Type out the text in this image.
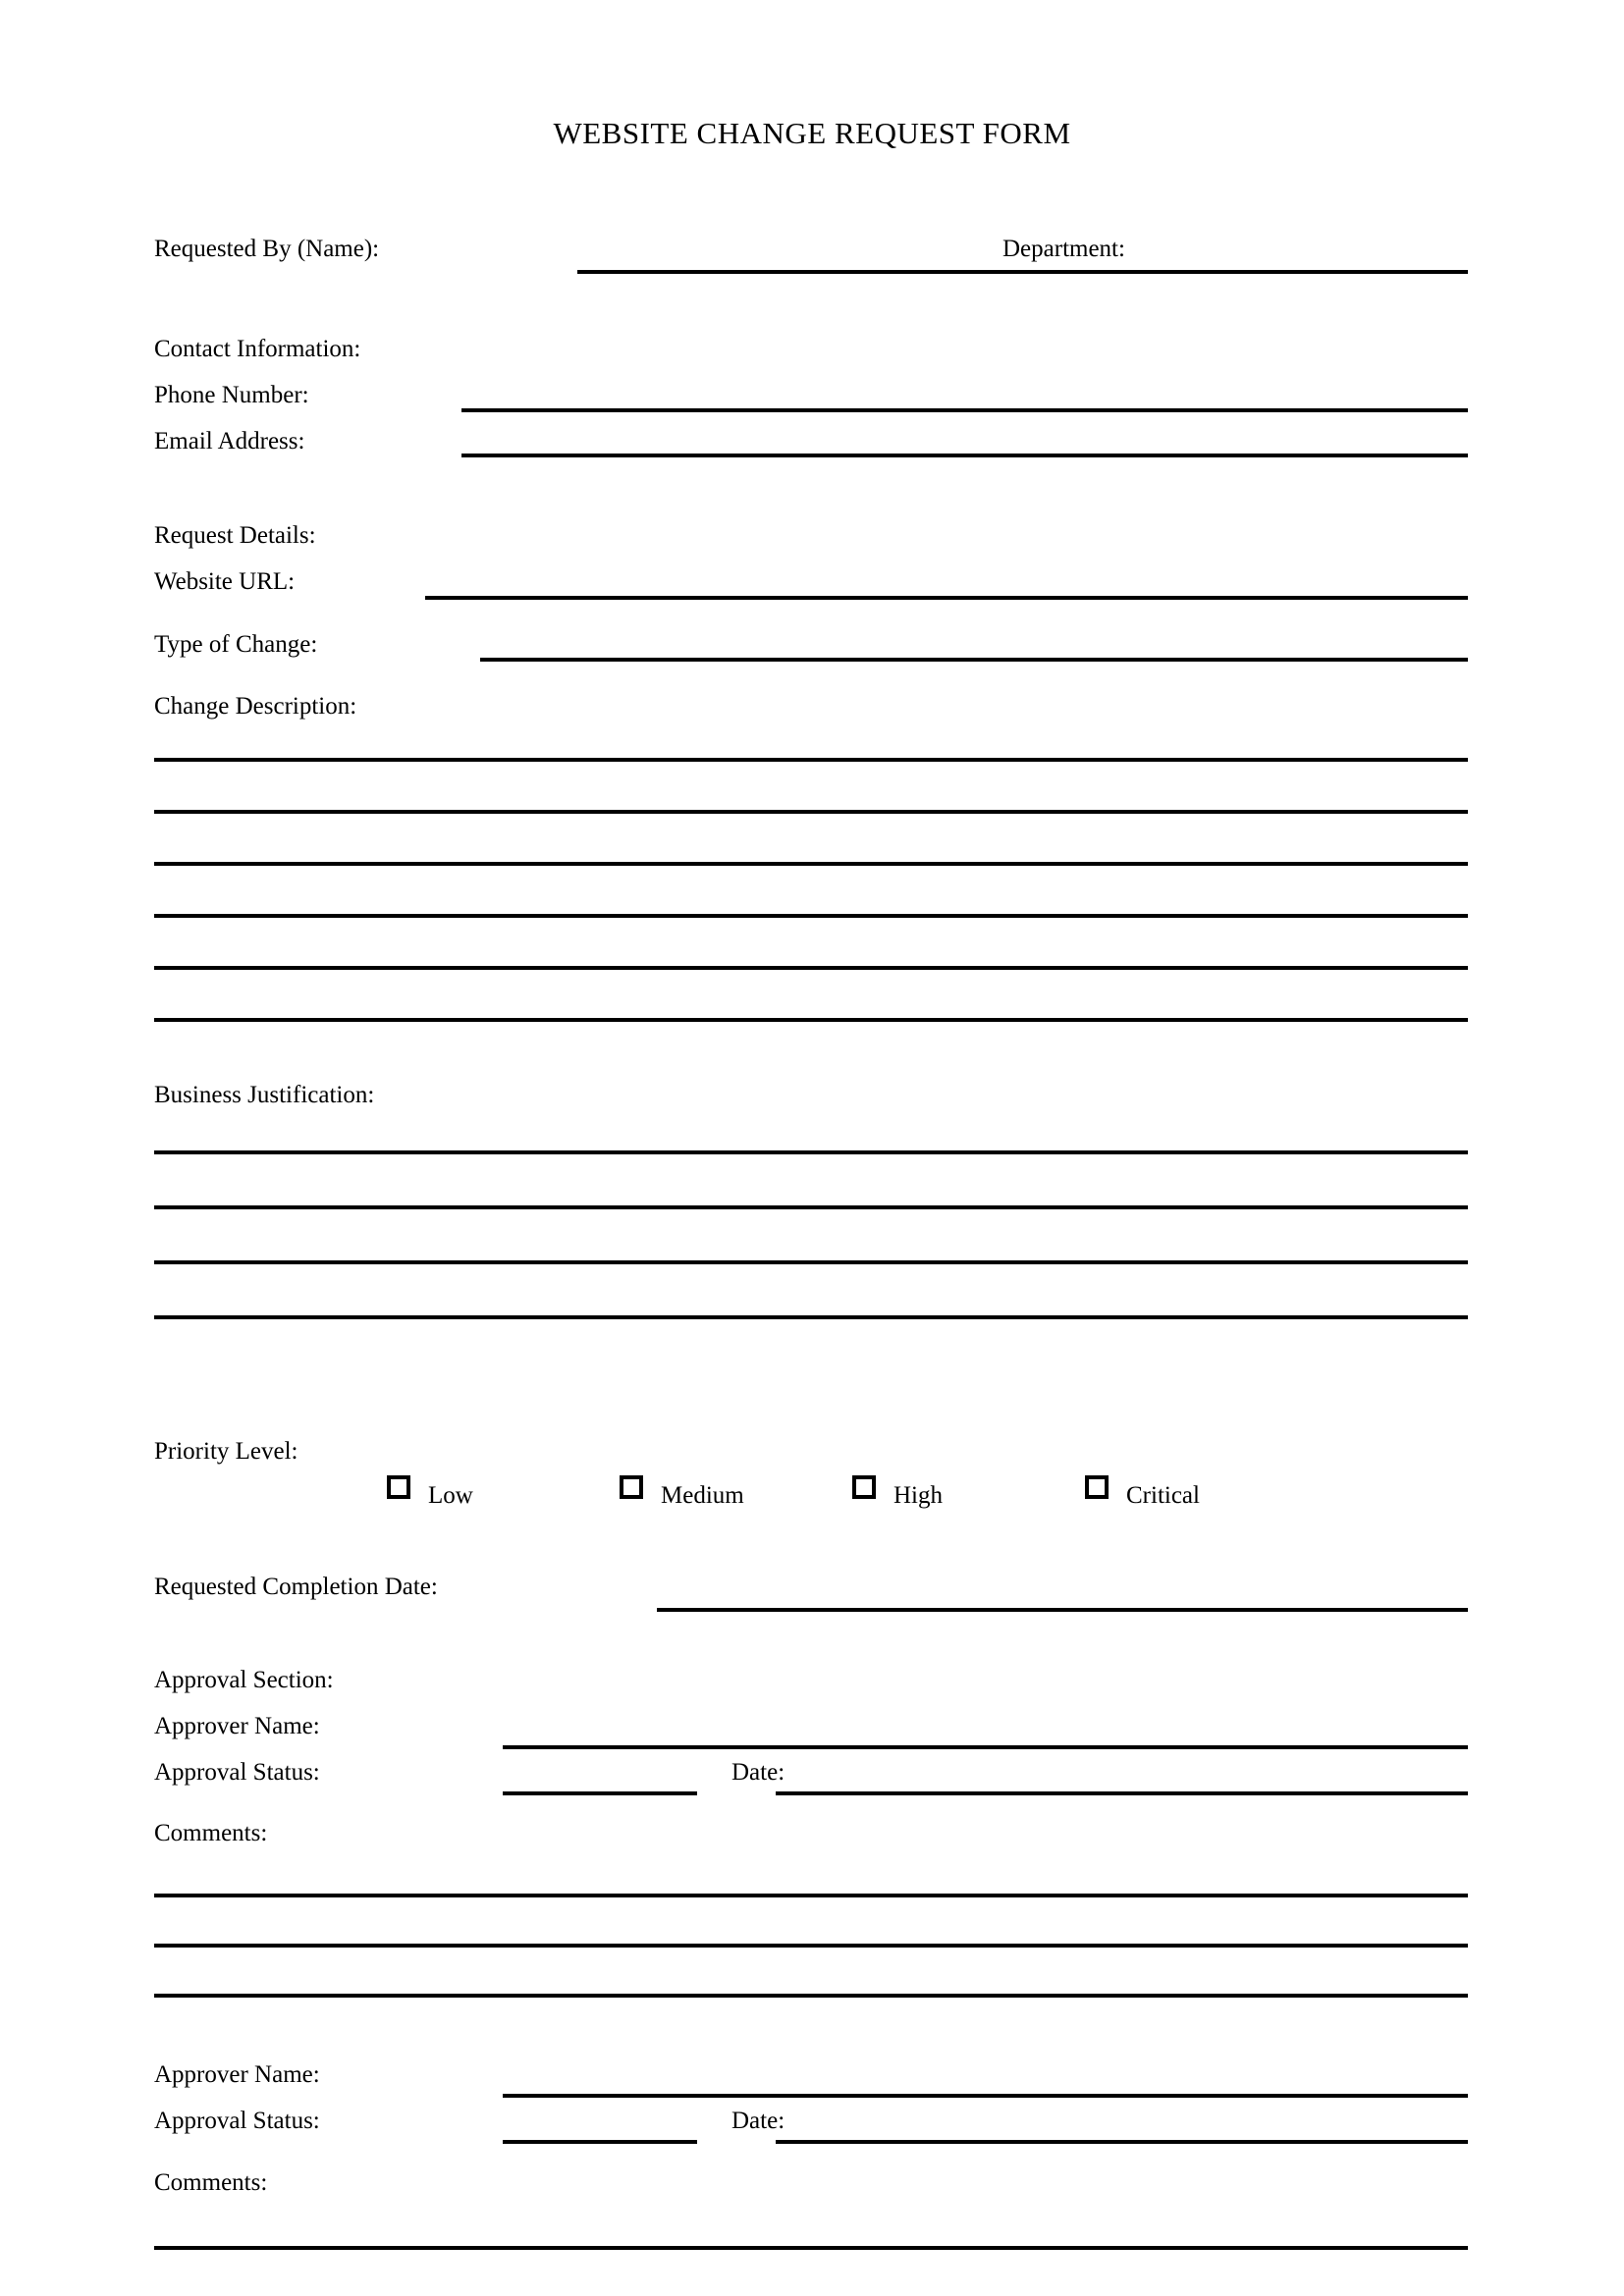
WEBSITE CHANGE REQUEST FORM
Requested By (Name):	Department:
Contact Information:
Phone Number:
Email Address:
Request Details:
Website URL:
Type of Change:
Change Description:
Business Justification:
Priority Level:
Low	Medium	High	Critical
Requested Completion Date:
Approval Section:
Approver Name:
Approval Status:	Date:
Comments:
Approver Name:
Approval Status:	Date:
Comments:
